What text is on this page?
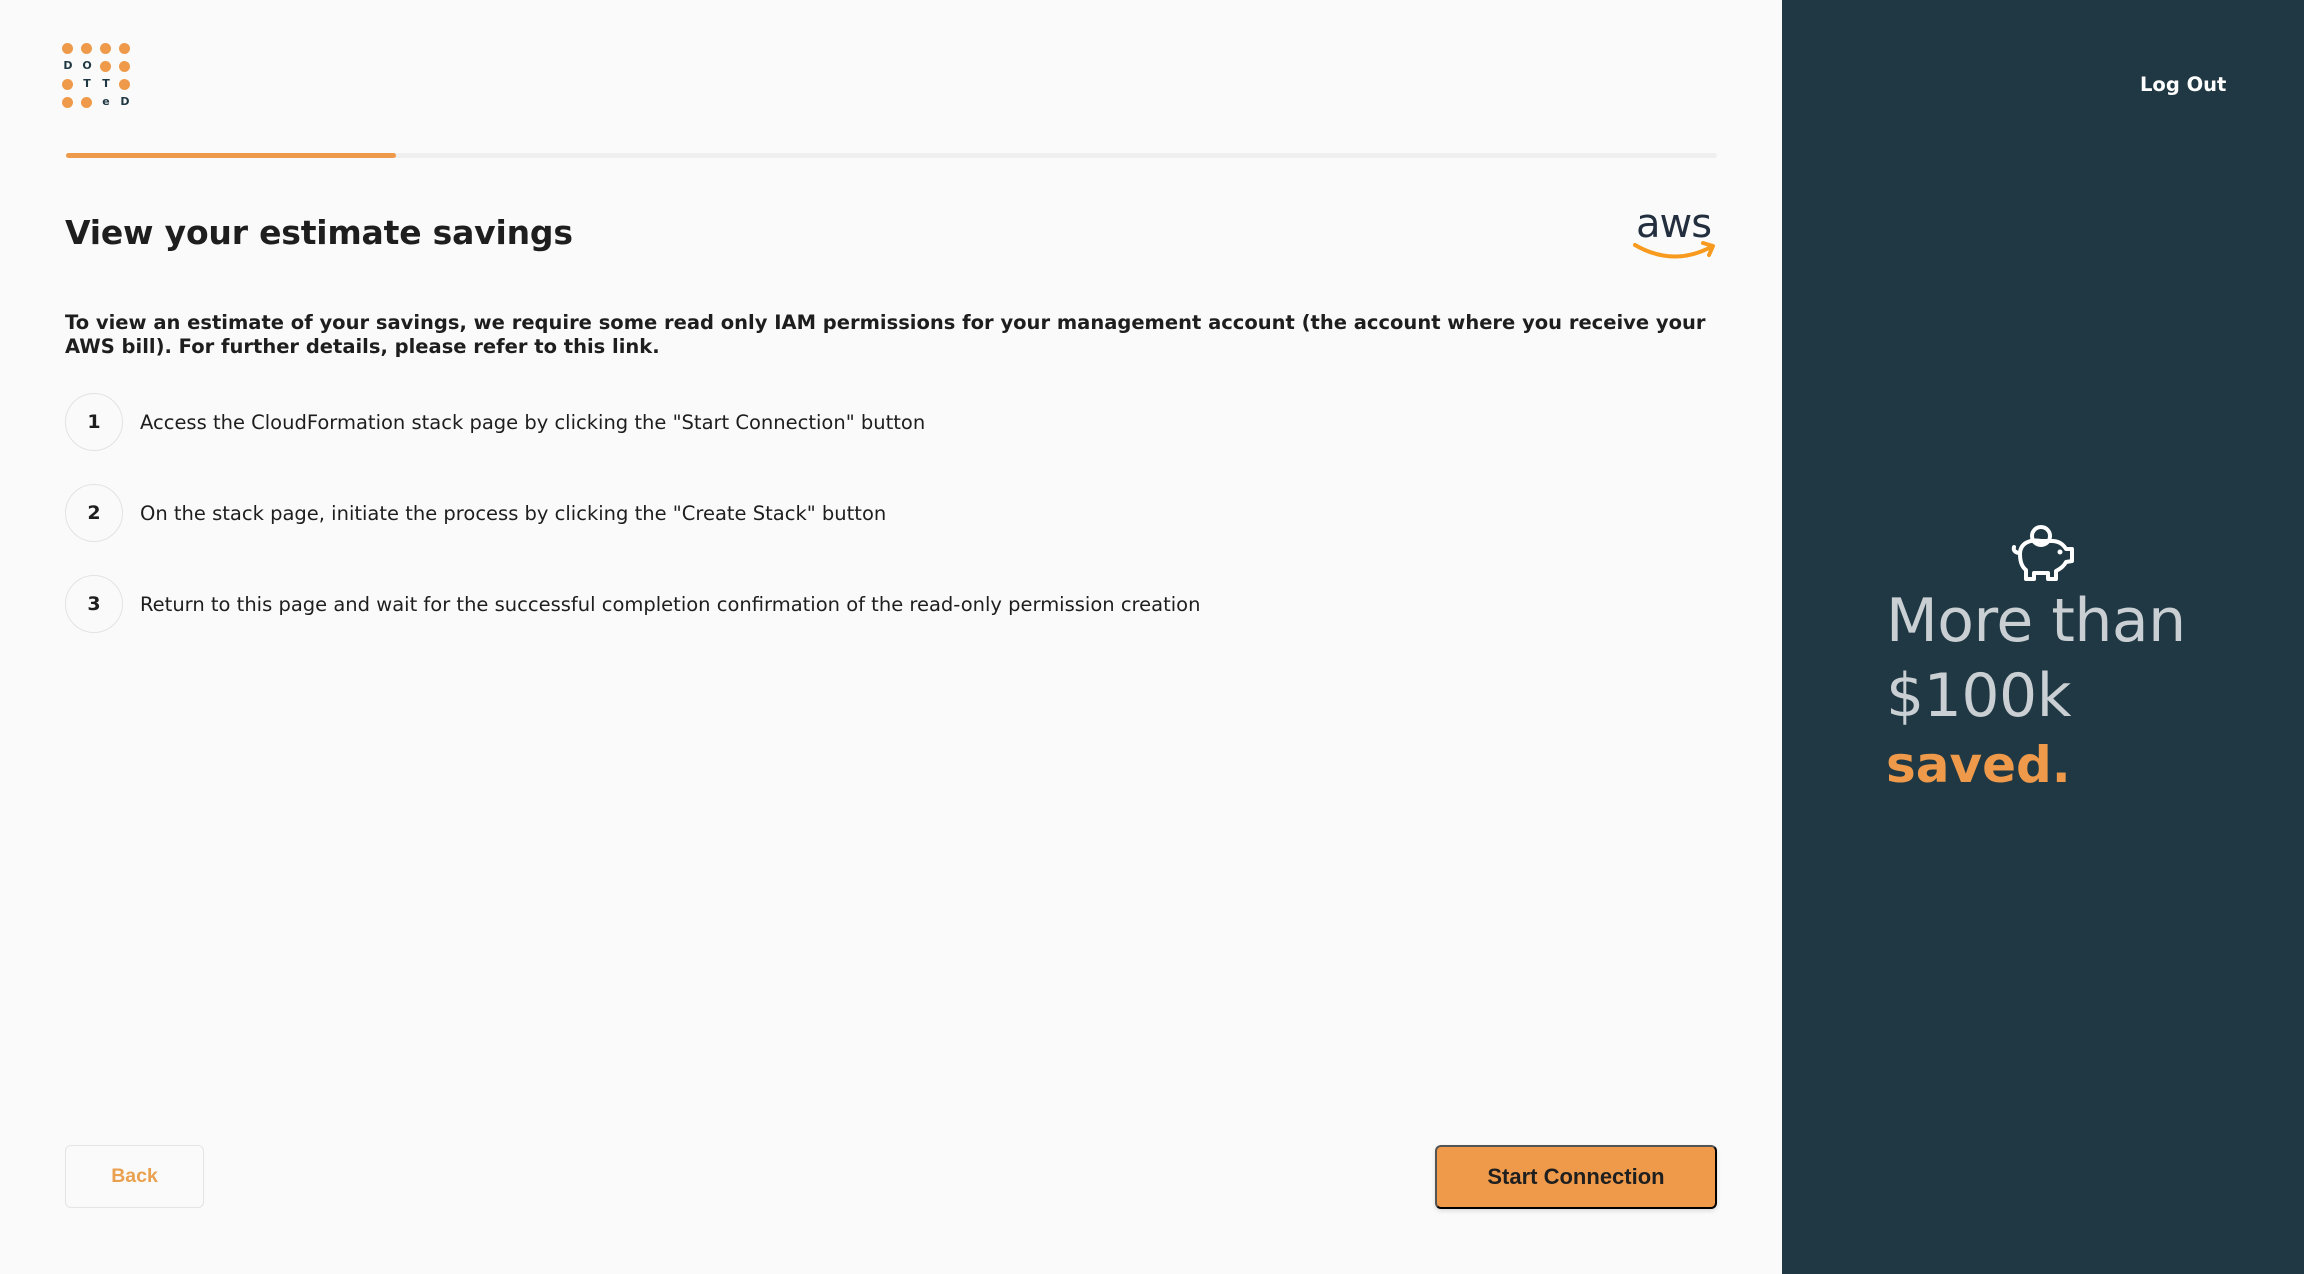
D O
T T
e D
View your estimate savings	aws

To view an estimate of your savings, we require some read only IAM permissions for your management account (the account where you receive your AWS bill). For further details, please refer to this link.

1	Access the CloudFormation stack page by clicking the "Start Connection" button
2	On the stack page, initiate the process by clicking the "Create Stack" button
3	Return to this page and wait for the successful completion confirmation of the read-only permission creation
Back	Start Connection
Log Out
More than
$100k
saved.
